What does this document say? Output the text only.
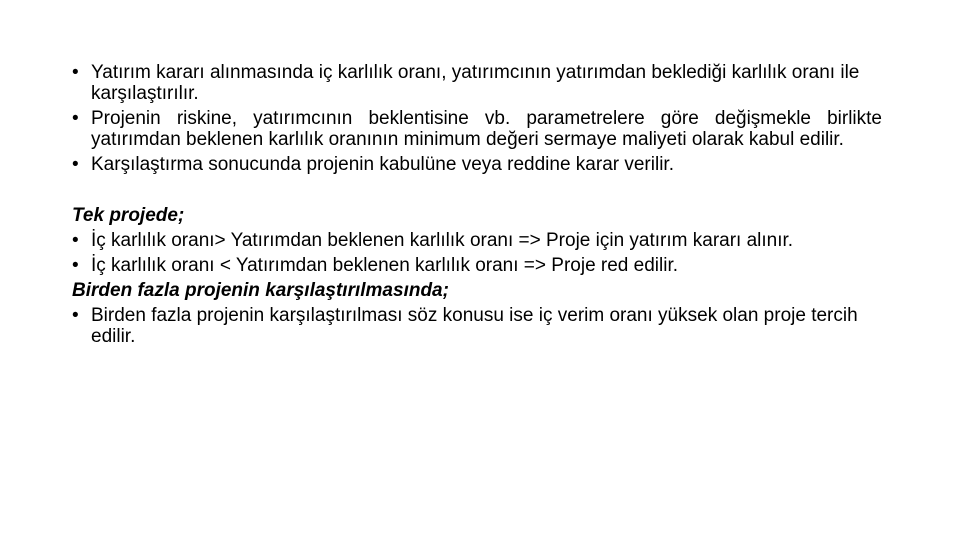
• Yatırım kararı alınmasında iç karlılık oranı, yatırımcının yatırımdan beklediği karlılık oranı ile karşılaştırılır.
• Projenin riskine, yatırımcının beklentisine vb. parametrelere göre değişmekle birlikte yatırımdan beklenen karlılık oranının minimum değeri sermaye maliyeti olarak kabul edilir.
• Karşılaştırma sonucunda projenin kabulüne veya reddine karar verilir.
Tek projede;
• İç karlılık oranı> Yatırımdan beklenen karlılık oranı => Proje için yatırım kararı alınır.
• İç karlılık oranı < Yatırımdan beklenen karlılık oranı => Proje red edilir.
Birden fazla projenin karşılaştırılmasında;
• Birden fazla projenin karşılaştırılması söz konusu ise iç verim oranı yüksek olan proje tercih edilir.
